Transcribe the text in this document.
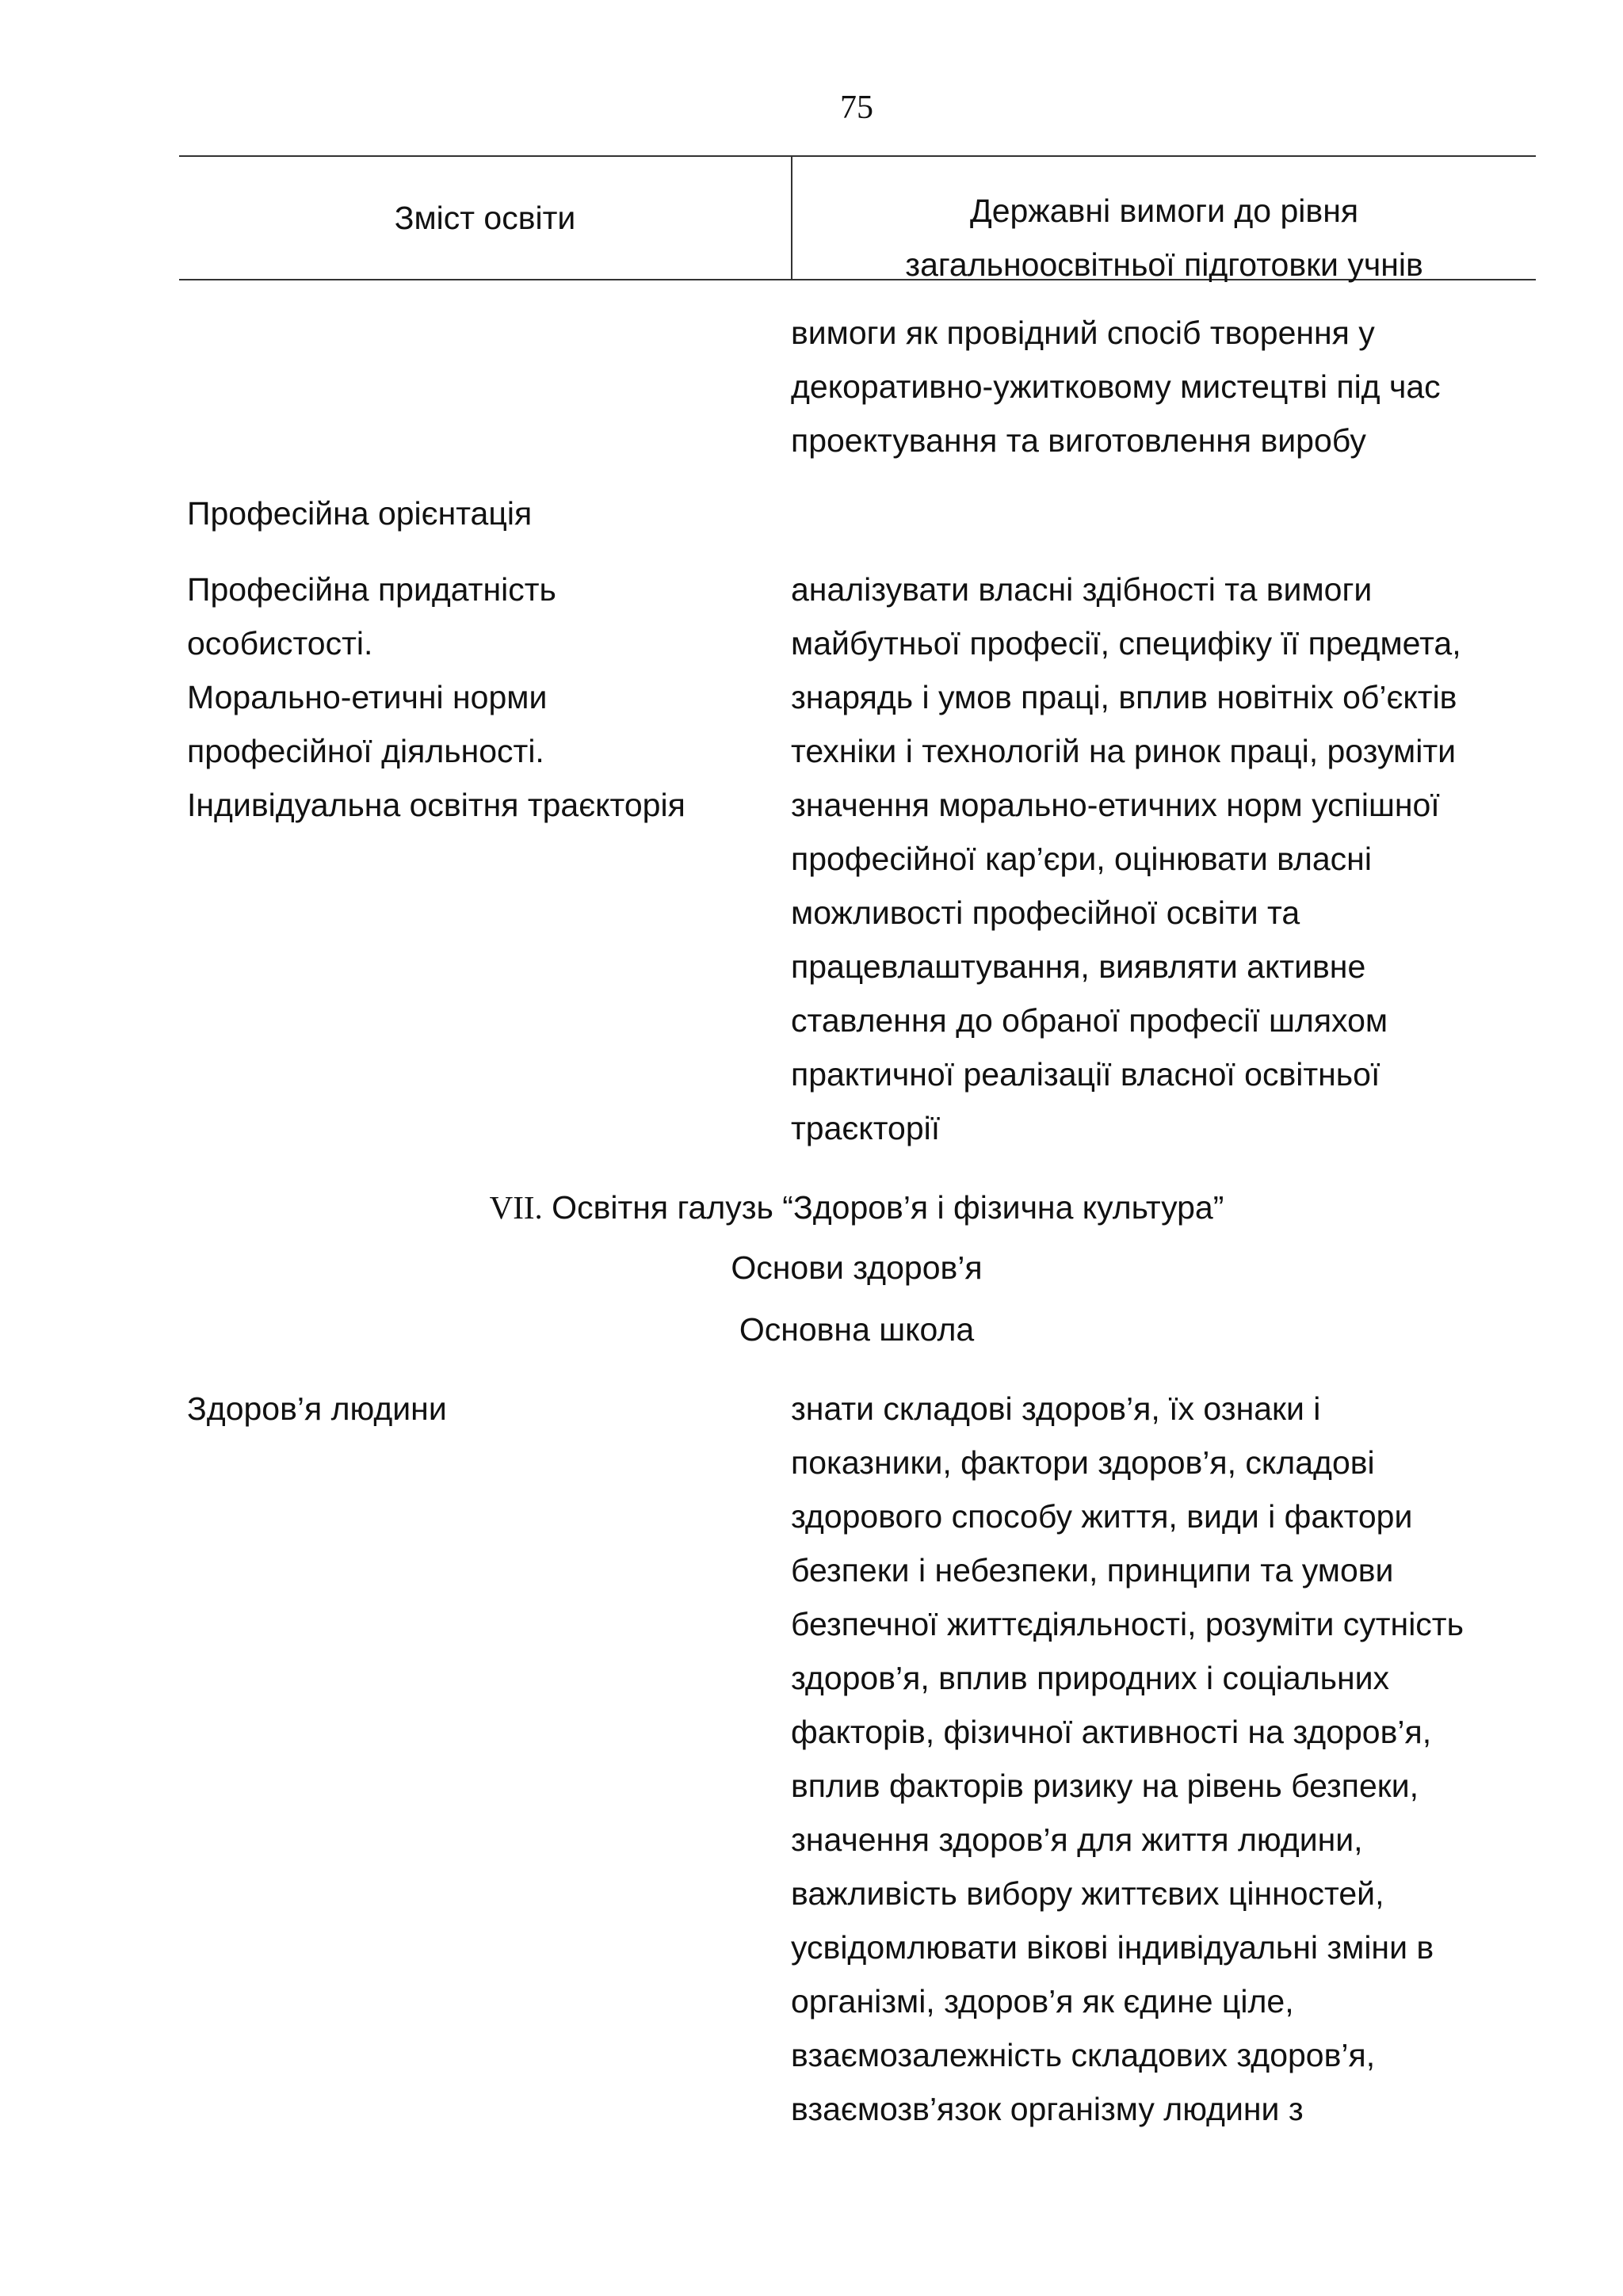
75
Зміст освіти	Державні вимоги до рівня
загальноосвітньої підготовки учнів
вимоги як провідний спосіб творення у
декоративно-ужитковому мистецтві під час
проектування та виготовлення виробу
Професійна орієнтація
Професійна придатність
особистості.
Морально-етичні норми
професійної діяльності.
Індивідуальна освітня траєкторія
аналізувати власні здібності та вимоги
майбутньої професії, специфіку її предмета,
знарядь і умов праці, вплив новітніх об’єктів
техніки і технологій на ринок праці, розуміти
значення морально-етичних норм успішної
професійної кар’єри, оцінювати власні
можливості професійної освіти та
працевлаштування, виявляти активне
ставлення до обраної професії шляхом
практичної реалізації власної освітньої
траєкторії
VII. Освітня галузь “Здоров’я і фізична культура”
Основи здоров’я
Основна школа
Здоров’я людини	знати складові здоров’я, їх ознаки і
показники, фактори здоров’я, складові
здорового способу життя, види і фактори
безпеки і небезпеки, принципи та умови
безпечної життєдіяльності, розуміти сутність
здоров’я, вплив природних і соціальних
факторів, фізичної активності на здоров’я,
вплив факторів ризику на рівень безпеки,
значення здоров’я для життя людини,
важливість вибору життєвих цінностей,
усвідомлювати вікові індивідуальні зміни в
організмі, здоров’я як єдине ціле,
взаємозалежність складових здоров’я,
взаємозв’язок організму людини з
